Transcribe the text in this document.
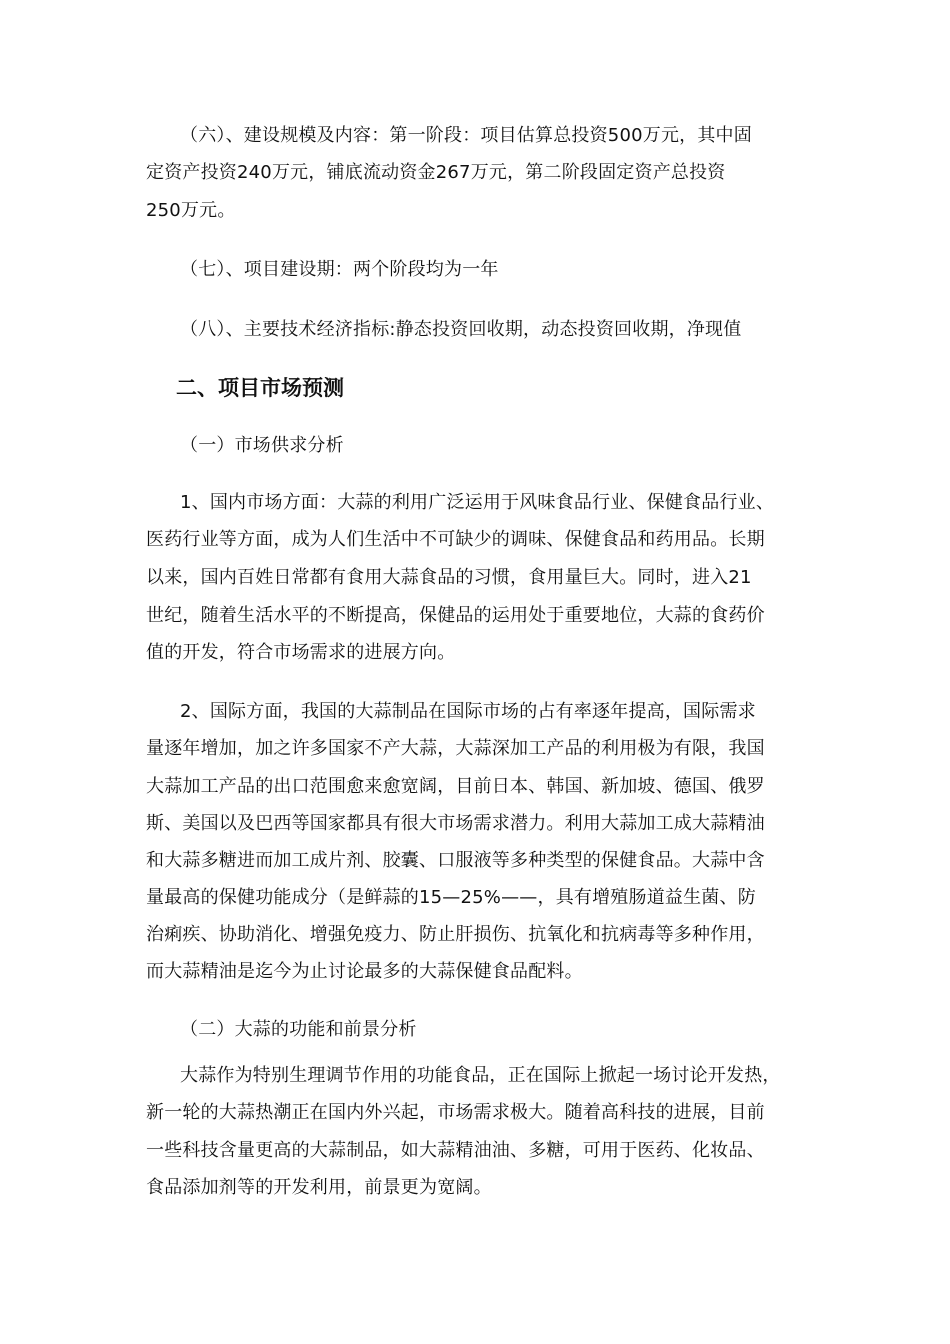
（六）、建设规模及内容：第一阶段：项目估算总投资500万元，其中固
定资产投资240万元，铺底流动资金267万元，第二阶段固定资产总投资
250万元。
（七）、项目建设期：两个阶段均为一年
（八）、主要技术经济指标:静态投资回收期，动态投资回收期，净现值
二、项目市场预测
（一）市场供求分析
1、国内市场方面：大蒜的利用广泛运用于风味食品行业、保健食品行业、
医药行业等方面，成为人们生活中不可缺少的调味、保健食品和药用品。长期
以来，国内百姓日常都有食用大蒜食品的习惯，食用量巨大。同时，进入21
世纪，随着生活水平的不断提高，保健品的运用处于重要地位，大蒜的食药价
值的开发，符合市场需求的进展方向。
2、国际方面，我国的大蒜制品在国际市场的占有率逐年提高，国际需求
量逐年增加，加之许多国家不产大蒜，大蒜深加工产品的利用极为有限，我国
大蒜加工产品的出口范围愈来愈宽阔，目前日本、韩国、新加坡、德国、俄罗
斯、美国以及巴西等国家都具有很大市场需求潜力。利用大蒜加工成大蒜精油
和大蒜多糖进而加工成片剂、胶囊、口服液等多种类型的保健食品。大蒜中含
量最高的保健功能成分（是鲜蒜的15—25%——，具有增殖肠道益生菌、防
治痢疾、协助消化、增强免疫力、防止肝损伤、抗氧化和抗病毒等多种作用，
而大蒜精油是迄今为止讨论最多的大蒜保健食品配料。
（二）大蒜的功能和前景分析
大蒜作为特别生理调节作用的功能食品，正在国际上掀起一场讨论开发热，
新一轮的大蒜热潮正在国内外兴起，市场需求极大。随着高科技的进展，目前
一些科技含量更高的大蒜制品，如大蒜精油油、多糖，可用于医药、化妆品、
食品添加剂等的开发利用，前景更为宽阔。
